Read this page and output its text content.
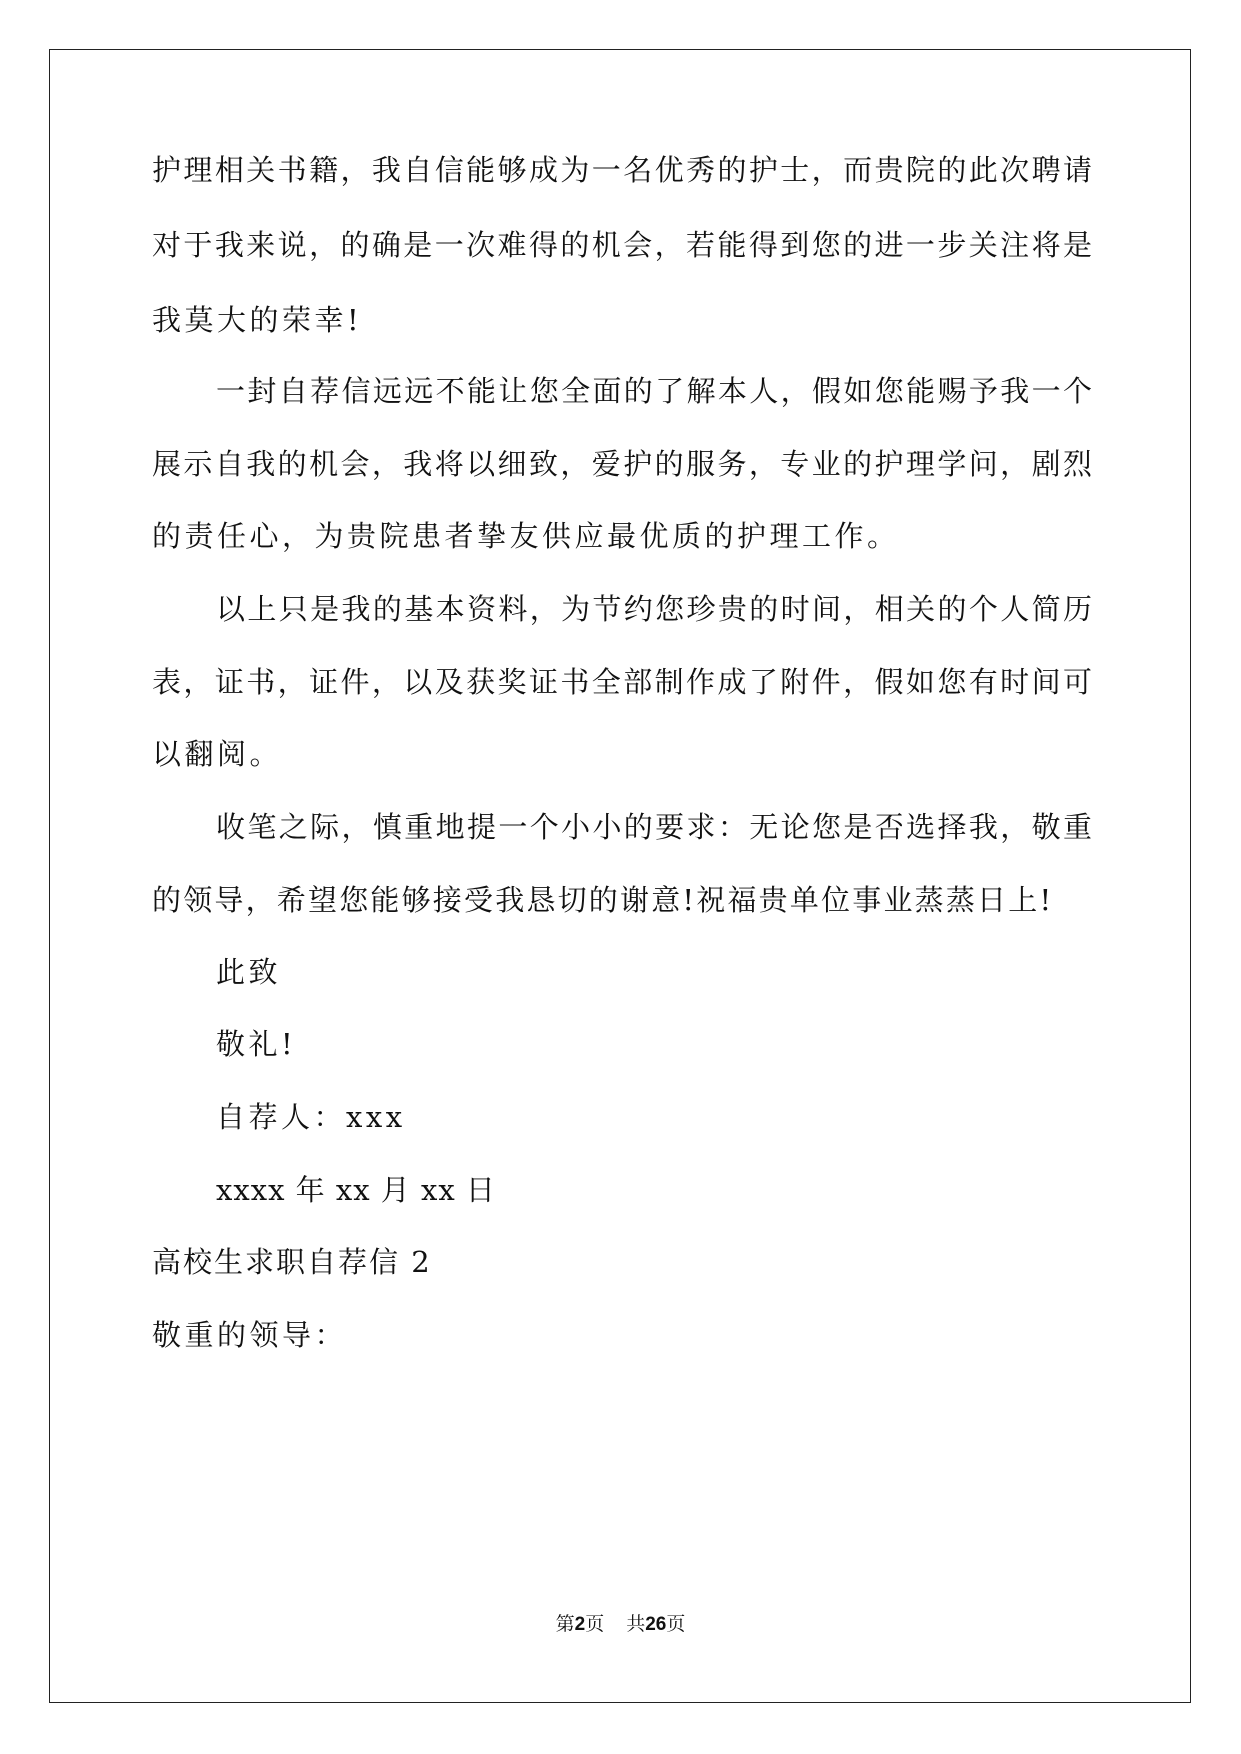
护理相关书籍，我自信能够成为一名优秀的护士，而贵院的此次聘请
对于我来说，的确是一次难得的机会，若能得到您的进一步关注将是
我莫大的荣幸!
一封自荐信远远不能让您全面的了解本人，假如您能赐予我一个
展示自我的机会，我将以细致，爱护的服务，专业的护理学问，剧烈
的责任心，为贵院患者挚友供应最优质的护理工作。
以上只是我的基本资料，为节约您珍贵的时间，相关的个人简历
表，证书，证件，以及获奖证书全部制作成了附件，假如您有时间可
以翻阅。
收笔之际，慎重地提一个小小的要求：无论您是否选择我，敬重
的领导，希望您能够接受我恳切的谢意!祝福贵单位事业蒸蒸日上!
此致
敬礼!
自荐人：xxx
xxxx 年 xx 月 xx 日
高校生求职自荐信 2
敬重的领导：
第2页 共26页
